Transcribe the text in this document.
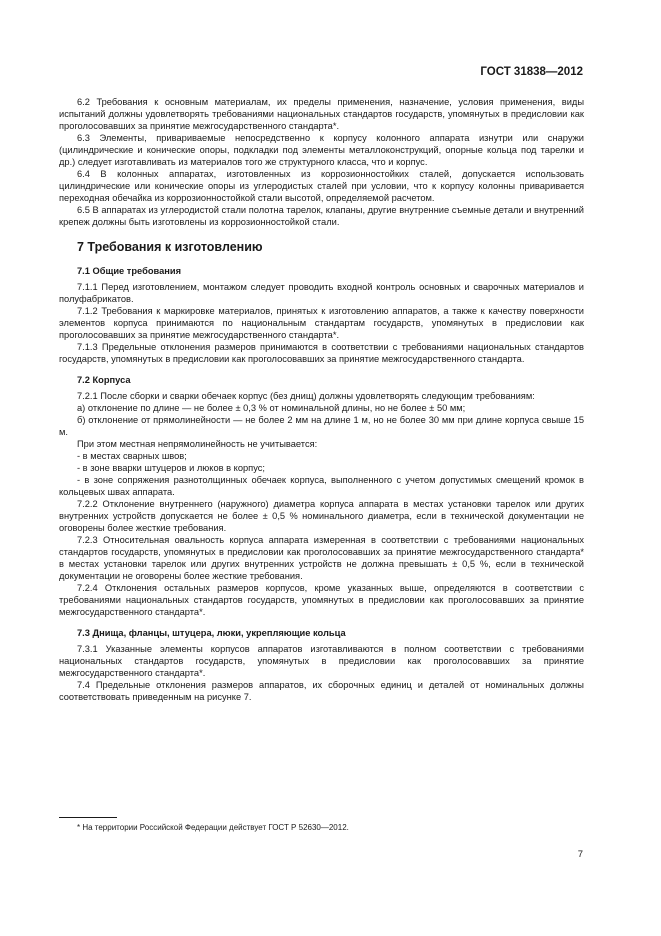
ГОСТ 31838—2012

6.2 Требования к основным материалам, их пределы применения, назначение, условия применения, виды испытаний должны удовлетворять требованиями национальных стандартов государств, упомянутых в предисловии как проголосовавших за принятие межгосударственного стандарта*.

6.3 Элементы, привариваемые непосредственно к корпусу колонного аппарата изнутри или снаружи (цилиндрические и конические опоры, подкладки под элементы металлоконструкций, опорные кольца под тарелки и др.) следует изготавливать из материалов того же структурного класса, что и корпус.

6.4 В колонных аппаратах, изготовленных из коррозионностойких сталей, допускается использовать цилиндрические или конические опоры из углеродистых сталей при условии, что к корпусу колонны приваривается переходная обечайка из коррозионностойкой стали высотой, определяемой расчетом.

6.5 В аппаратах из углеродистой стали полотна тарелок, клапаны, другие внутренние съемные детали и внутренний крепеж должны быть изготовлены из коррозионностойкой стали.

7 Требования к изготовлению

7.1 Общие требования

7.1.1 Перед изготовлением, монтажом следует проводить входной контроль основных и сварочных материалов и полуфабрикатов.

7.1.2 Требования к маркировке материалов, принятых к изготовлению аппаратов, а также к качеству поверхности элементов корпуса принимаются по национальным стандартам государств, упомянутых в предисловии как проголосовавших за принятие межгосударственного стандарта*.

7.1.3 Предельные отклонения размеров принимаются в соответствии с требованиями национальных стандартов государств, упомянутых в предисловии как проголосовавших за принятие межгосударственного стандарта.

7.2 Корпуса

7.2.1 После сборки и сварки обечаек корпус (без днищ) должны удовлетворять следующим требованиям:

а) отклонение по длине — не более ± 0,3 % от номинальной длины, но не более ± 50 мм;

б) отклонение от прямолинейности — не более 2 мм на длине 1 м, но не более 30 мм при длине корпуса свыше 15 м.

При этом местная непрямолинейность не учитывается:

- в местах сварных швов;

- в зоне вварки штуцеров и люков в корпус;

- в зоне сопряжения разнотолщинных обечаек корпуса, выполненного с учетом допустимых смещений кромок в кольцевых швах аппарата.

7.2.2 Отклонение внутреннего (наружного) диаметра корпуса аппарата в местах установки тарелок или других внутренних устройств допускается не более ± 0,5 % номинального диаметра, если в технической документации не оговорены более жесткие требования.

7.2.3 Относительная овальность корпуса аппарата измеренная в соответствии с требованиями национальных стандартов государств, упомянутых в предисловии как проголосовавших за принятие межгосударственного стандарта* в местах установки тарелок или других внутренних устройств не должна превышать ± 0,5 %, если в технической документации не оговорены более жесткие требования.

7.2.4 Отклонения остальных размеров корпусов, кроме указанных выше, определяются в соответствии с требованиями национальных стандартов государств, упомянутых в предисловии как проголосовавших за принятие межгосударственного стандарта*.

7.3 Днища, фланцы, штуцера, люки, укрепляющие кольца

7.3.1 Указанные элементы корпусов аппаратов изготавливаются в полном соответствии с требованиями национальных стандартов государств, упомянутых в предисловии как проголосовавших за принятие межгосударственного стандарта*.

7.4 Предельные отклонения размеров аппаратов, их сборочных единиц и деталей от номинальных должны соответствовать приведенным на рисунке 7.

* На территории Российской Федерации действует ГОСТ Р 52630—2012.
7
